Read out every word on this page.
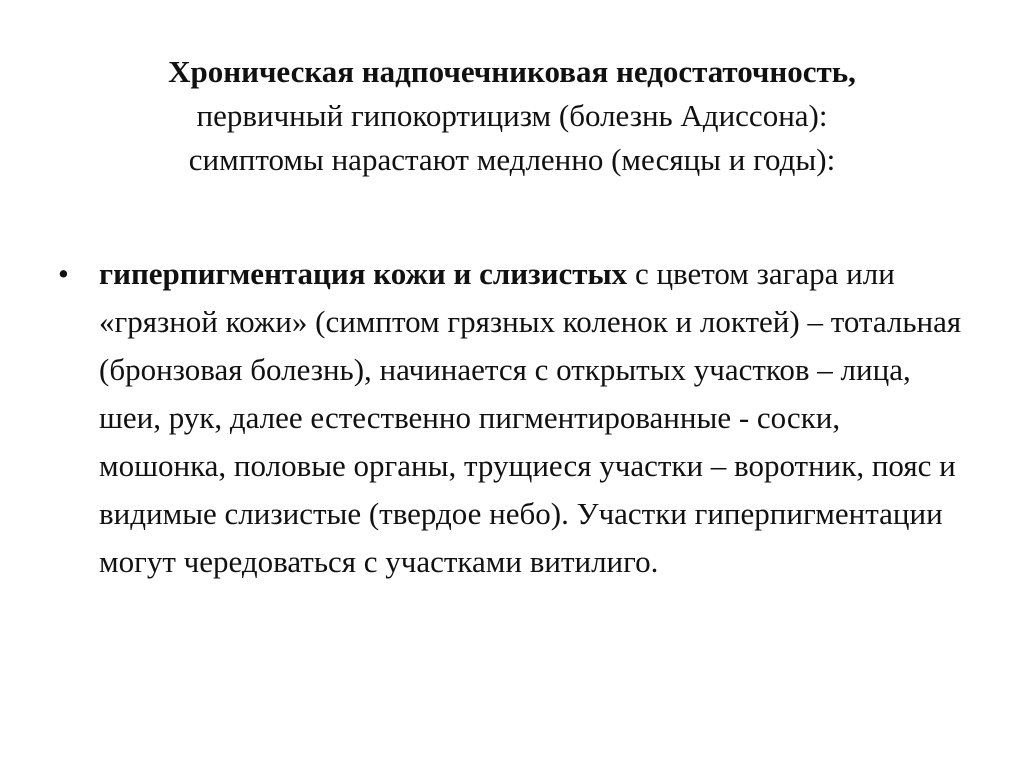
Хроническая надпочечниковая недостаточность,
первичный гипокортицизм (болезнь Адиссона):
симптомы нарастают медленно (месяцы и годы):
• гиперпигментация кожи и слизистых с цветом загара или «грязной кожи» (симптом грязных коленок и локтей) – тотальная (бронзовая болезнь), начинается с открытых участков – лица, шеи, рук, далее естественно пигментированные - соски, мошонка, половые органы, трущиеся участки – воротник, пояс и видимые слизистые (твердое небо). Участки гиперпигментации могут чередоваться с участками витилиго.
